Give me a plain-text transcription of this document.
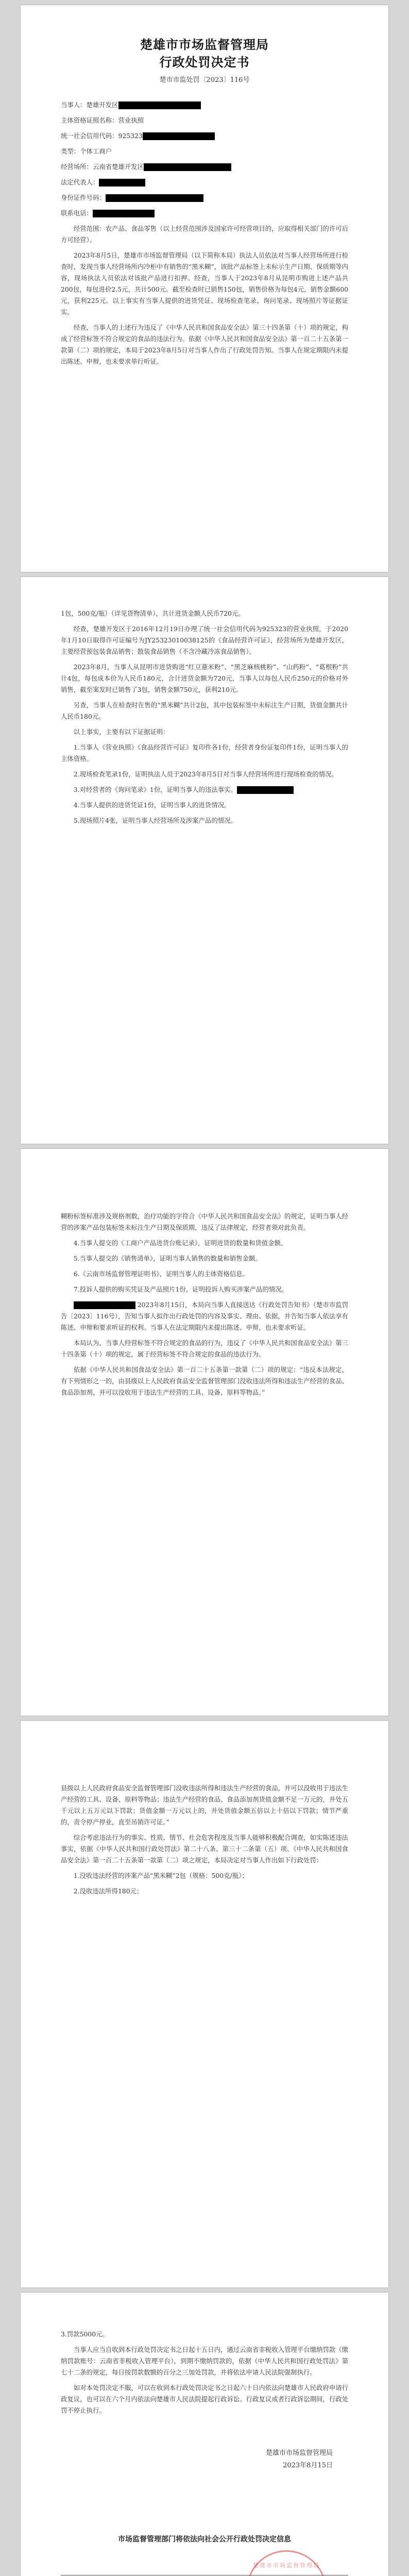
楚雄市市场监督管理局
行政处罚决定书
楚市市监处罚〔2023〕116号

当事人：楚雄开发区

主体资格证照名称：营业执照

统一社会信用代码：925323

类型：个体工商户

经营场所：云南省楚雄开发区

法定代表人：

身份证件号码：

联系电话：

经营范围：农产品、食品零售（以上经营范围涉及国家许可经营项目的，应取得相关部门的许可后方可经营）。

2023年8月5日，楚雄市市场监督管理局（以下简称本局）执法人员依法对当事人经营场所进行检查时，发现当事人经营场所内冷柜中有销售的“黑米糊”，该批产品标签上未标示生产日期、保质期等内容，现场执法人员依法对该批产品进行扣押。经查，当事人于2023年8月从昆明市购进上述产品共200包，每包进价2.5元，共计500元。截至检查时已销售150包，销售价格为每包4元，销售金额600元，获利225元。以上事实有当事人提供的进货凭证、现场检查笔录、询问笔录、现场照片等证据证实。

经查，当事人的上述行为违反了《中华人民共和国食品安全法》第三十四条第（十）项的规定，构成了经营标签不符合规定的食品的违法行为。依据《中华人民共和国食品安全法》第一百二十五条第一款第（二）项的规定，本局于2023年8月5日对当事人作出了行政处罚告知。当事人在规定期限内未提出陈述、申辩，也未要求举行听证。

1包，500克/瓶）（详见货物清单），共计进货金额人民币720元。

经查，楚雄开发区于2016年12月19日办理了统一社会信用代码为925323的营业执照，于2020年1月10日取得许可证编号为JY25323010038125的《食品经营许可证》，经营场所为楚雄开发区，主要经营预包装食品销售；散装食品销售（不含冷藏冷冻食品销售）。

2023年8月，当事人从昆明市进货购进“红豆薏米粉”、“黑芝麻核桃粉”、“山药粉”、“葛根粉”共计4包，每包成本价为人民币180元，合计进货金额为720元，当事人以每包人民币250元的价格对外销售，截至案发时已销售了3包，销售金额750元，获利210元。

另查，当事人在检查时在售的“黑米糊”共计2包，其中包装标签中未标注生产日期，货值金额共计人民币180元。

以上事实，主要有以下证据证明：

1.当事人《营业执照》《食品经营许可证》复印件各1份，经营者身份证复印件1份，证明当事人的主体资格。

2.现场检查笔录1份，证明执法人员于2023年8月5日对当事人经营场所进行现场检查的情况。

3.对经营者的《询问笔录》1份，证明当事人的违法事实。

4.当事人提供的进货凭证1份，证明当事人的进货情况。

5.现场照片4张，证明当事人经营场所及涉案产品的情况。

糊粉标签标准涉及规格剂数，治疗功能的字符合《中华人民共和国食品安全法》的规定，证明当事人经营的涉案产品包装标签未标注生产日期及保质期，违反了法律规定，经营者须对此负责。

4.当事人提交的《工商户产品进货台账记录》，证明进货的数量和货值金额。

5.当事人提交的《销售清单》，证明当事人销售的数量和销售金额。

6.《云南市场监督管理证明书》，证明当事人的主体资格信息。

7.投诉人提供的购买凭证及产品照片1份，证明投诉人购买涉案产品的情况。

2023年8月15日，本局向当事人直接送达《行政处罚告知书》（楚市市监罚告〔2023〕116号），告知当事人拟作出行政处罚的内容及事实、理由、依据，并告知当事人依法享有陈述、申辩和要求听证的权利。当事人在法定期限内未提出陈述、申辩，也未要求听证。

本局认为，当事人经营标签不符合规定的食品的行为，违反了《中华人民共和国食品安全法》第三十四条第（十）项的规定，属于经营标签不符合规定的食品的违法行为。

依据《中华人民共和国食品安全法》第一百二十五条第一款第（二）项的规定：“违反本法规定，有下列情形之一的，由县级以上人民政府食品安全监督管理部门没收违法所得和违法生产经营的食品、食品添加剂，并可以没收用于违法生产经营的工具、设备、原料等物品。”

县级以上人民政府食品安全监督管理部门没收违法所得和违法生产经营的食品，并可以没收用于违法生产经营的工具、设备、原料等物品；违法生产经营的食品、食品添加剂货值金额不足一万元的，并处五千元以上五万元以下罚款；货值金额一万元以上的，并处货值金额五倍以上十倍以下罚款；情节严重的，责令停产停业，直至吊销许可证。”

综合考虑违法行为的事实、性质、情节、社会危害程度及当事人能够积极配合调查，如实陈述违法事实，依据《中华人民共和国行政处罚法》第二十八条、第三十二条第（五）项、《中华人民共和国食品安全法》第一百二十五条第一款第（二）项之规定，本局决定对当事人作出如下行政处罚：

1.没收违法经营的涉案产品“黑米糊”2包（规格：500克/瓶）；

2.没收违法所得180元；

3.罚款5000元。

当事人应当自收到本行政处罚决定书之日起十五日内，通过云南省非税收入管理平台缴纳罚款（缴纳罚款账号：云南省非税收入管理平台），到期不缴纳罚款的，依据《中华人民共和国行政处罚法》第七十二条的规定，每日按罚款数额的百分之三加处罚款，并将依法申请人民法院强制执行。

如对本处罚决定不服，可以在收到本行政处罚决定书之日起六十日内依法向楚雄市人民政府申请行政复议，也可以在六个月内依法向楚雄市人民法院提起行政诉讼。行政复议或者行政诉讼期间，行政处罚不停止执行。

楚雄市市场监督管理局
2023年8月15日
市场监督管理部门将依法向社会公开行政处罚决定信息

楚雄市市场监督管理局
